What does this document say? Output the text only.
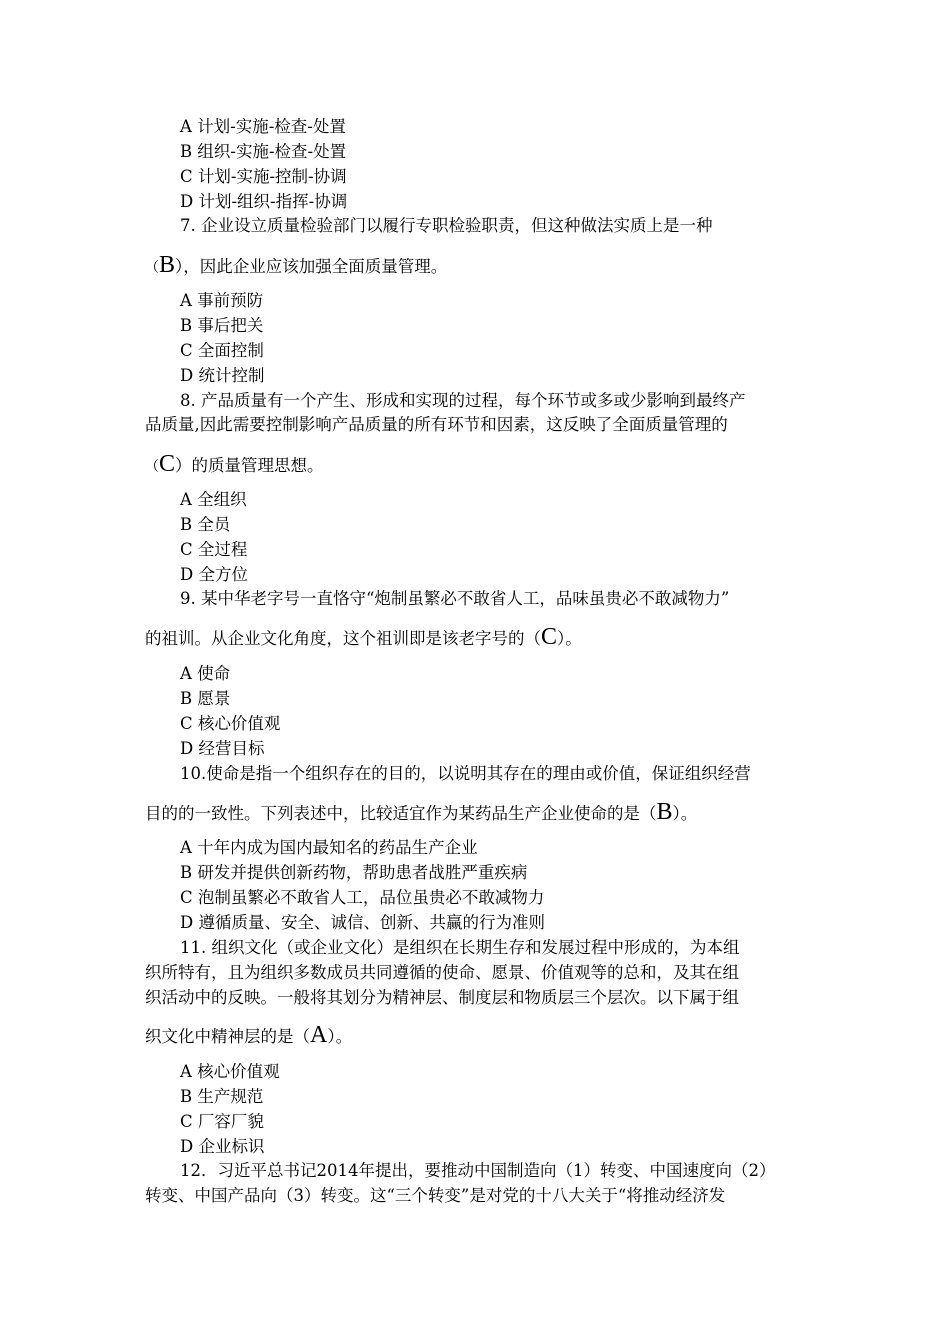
A 计划-实施-检查-处置
B 组织-实施-检查-处置
C 计划-实施-控制-协调
D 计划-组织-指挥-协调
7. 企业设立质量检验部门以履行专职检验职责，但这种做法实质上是一种
（B），因此企业应该加强全面质量管理。
A 事前预防
B 事后把关
C 全面控制
D 统计控制
8. 产品质量有一个产生、形成和实现的过程，每个环节或多或少影响到最终产
品质量,因此需要控制影响产品质量的所有环节和因素，这反映了全面质量管理的
（C）的质量管理思想。
A 全组织
B 全员
C 全过程
D 全方位
9. 某中华老字号一直恪守“炮制虽繁必不敢省人工，品味虽贵必不敢减物力”
的祖训。从企业文化角度，这个祖训即是该老字号的（C）。
A 使命
B 愿景
C 核心价值观
D 经营目标
10.使命是指一个组织存在的目的，以说明其存在的理由或价值，保证组织经营
目的的一致性。下列表述中，比较适宜作为某药品生产企业使命的是（B）。
A 十年内成为国内最知名的药品生产企业
B 研发并提供创新药物，帮助患者战胜严重疾病
C 泡制虽繁必不敢省人工，品位虽贵必不敢减物力
D 遵循质量、安全、诚信、创新、共赢的行为准则
11. 组织文化（或企业文化）是组织在长期生存和发展过程中形成的，为本组
织所特有，且为组织多数成员共同遵循的使命、愿景、价值观等的总和，及其在组
织活动中的反映。一般将其划分为精神层、制度层和物质层三个层次。以下属于组
织文化中精神层的是（A）。
A 核心价值观
B 生产规范
C 厂容厂貌
D 企业标识
12．习近平总书记2014年提出，要推动中国制造向（1）转变、中国速度向（2）
转变、中国产品向（3）转变。这“三个转变”是对党的十八大关于“将推动经济发
